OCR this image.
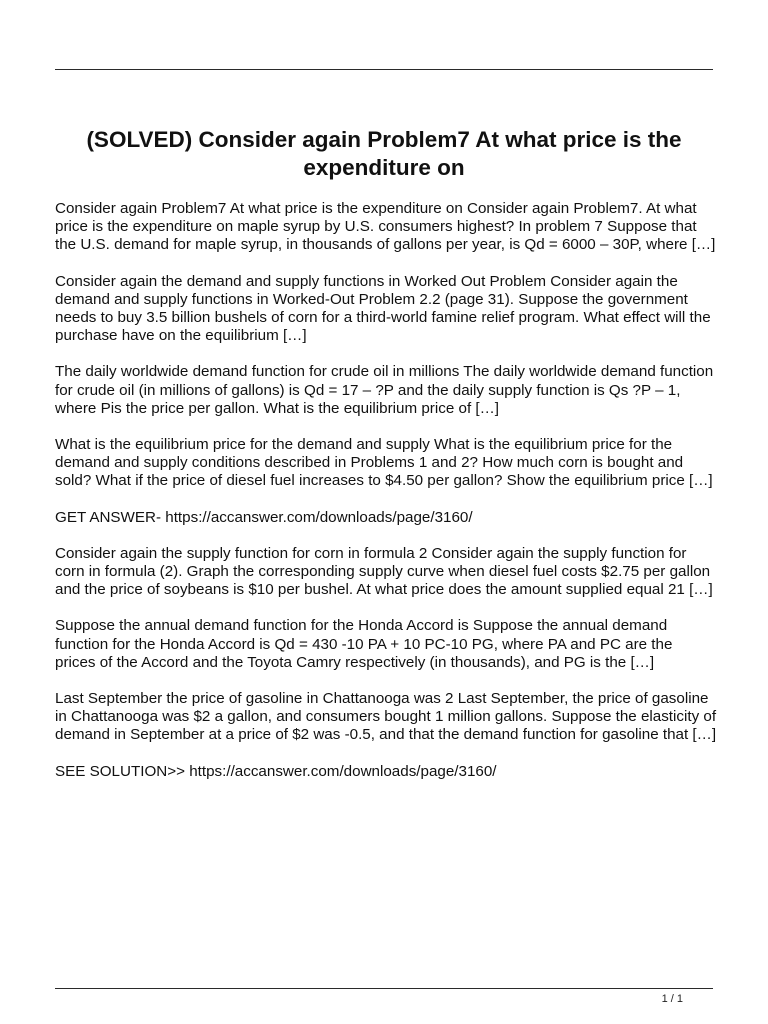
(SOLVED) Consider again Problem7 At what price is the expenditure on

Consider again Problem7 At what price is the expenditure on Consider again Problem7. At what price is the expenditure on maple syrup by U.S. consumers highest? In problem 7 Suppose that the U.S. demand for maple syrup, in thousands of gallons per year, is Qd = 6000 – 30P, where […]

Consider again the demand and supply functions in Worked Out Problem Consider again the demand and supply functions in Worked-Out Problem 2.2 (page 31). Suppose the government needs to buy 3.5 billion bushels of corn for a third-world famine relief program. What effect will the purchase have on the equilibrium […]

The daily worldwide demand function for crude oil in millions The daily worldwide demand function for crude oil (in millions of gallons) is Qd = 17 – ?P and the daily supply function is Qs ?P – 1, where Pis the price per gallon. What is the equilibrium price of […]

What is the equilibrium price for the demand and supply What is the equilibrium price for the demand and supply conditions described in Problems 1 and 2? How much corn is bought and sold? What if the price of diesel fuel increases to $4.50 per gallon? Show the equilibrium price […]

GET ANSWER- https://accanswer.com/downloads/page/3160/

Consider again the supply function for corn in formula 2 Consider again the supply function for corn in formula (2). Graph the corresponding supply curve when diesel fuel costs $2.75 per gallon and the price of soybeans is $10 per bushel. At what price does the amount supplied equal 21 […]

Suppose the annual demand function for the Honda Accord is Suppose the annual demand function for the Honda Accord is Qd = 430 -10 PA + 10 PC-10 PG, where PA and PC are the prices of the Accord and the Toyota Camry respectively (in thousands), and PG is the […]

Last September the price of gasoline in Chattanooga was 2 Last September, the price of gasoline in Chattanooga was $2 a gallon, and consumers bought 1 million gallons. Suppose the elasticity of demand in September at a price of $2 was -0.5, and that the demand function for gasoline that […]

SEE SOLUTION>> https://accanswer.com/downloads/page/3160/

1 / 1
